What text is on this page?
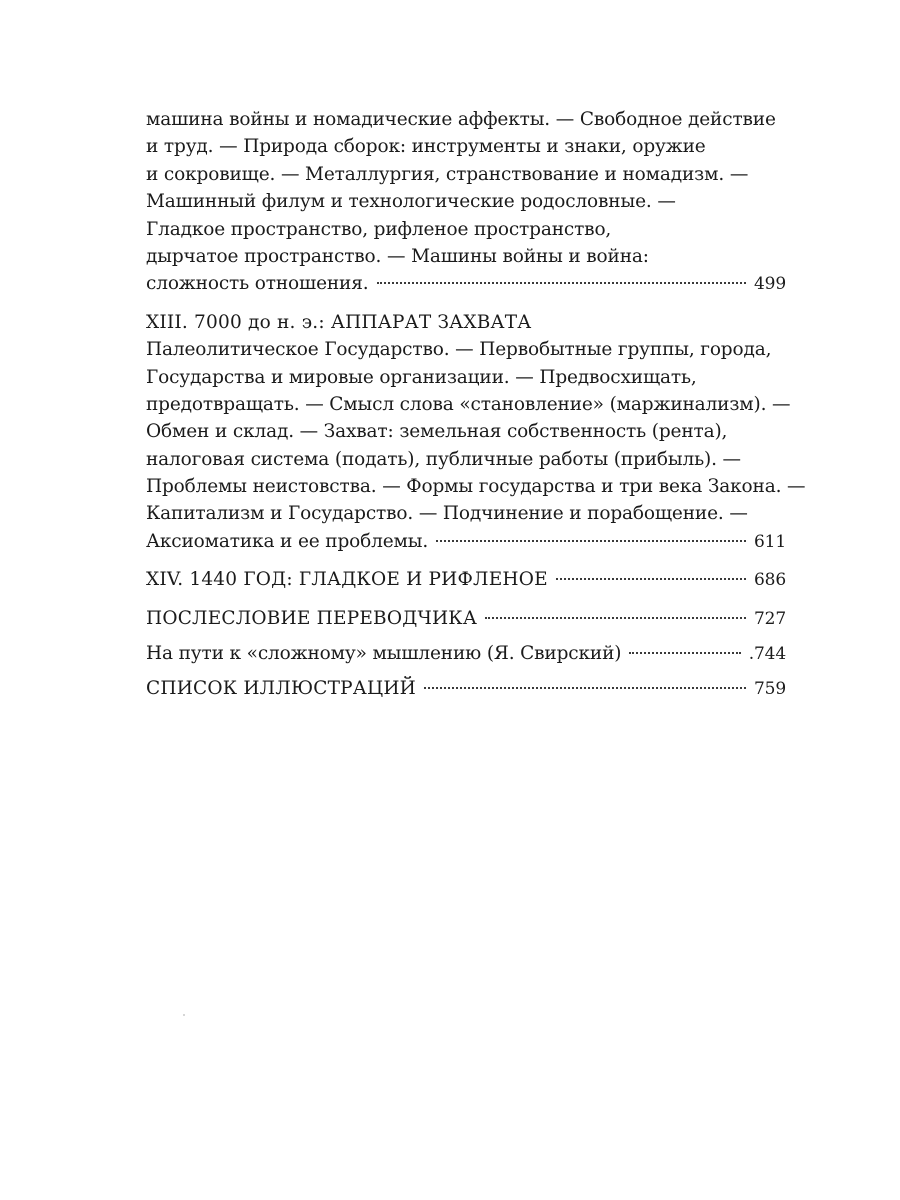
машина войны и номадические аффекты. — Свободное действие
и труд. — Природа сборок: инструменты и знаки, оружие
и сокровище. — Металлургия, странствование и номадизм. —
Машинный филум и технологические родословные. —
Гладкое пространство, рифленое пространство,
дырчатое пространство. — Машины войны и война:
сложность отношения.	499
XIII. 7000 до н. э.: АППАРАТ ЗАХВАТА
Палеолитическое Государство. — Первобытные группы, города,
Государства и мировые организации. — Предвосхищать,
предотвращать. — Смысл слова «становление» (маржинализм). —
Обмен и склад. — Захват: земельная собственность (рента),
налоговая система (подать), публичные работы (прибыль). —
Проблемы неистовства. — Формы государства и три века Закона. —
Капитализм и Государство. — Подчинение и порабощение. —
Аксиоматика и ее проблемы.	611
XIV. 1440 ГОД: ГЛАДКОЕ И РИФЛЕНОЕ	686
ПОСЛЕСЛОВИЕ ПЕРЕВОДЧИКА	727
На пути к «сложному» мышлению (Я. Свирский)	.744
СПИСОК ИЛЛЮСТРАЦИЙ	759
